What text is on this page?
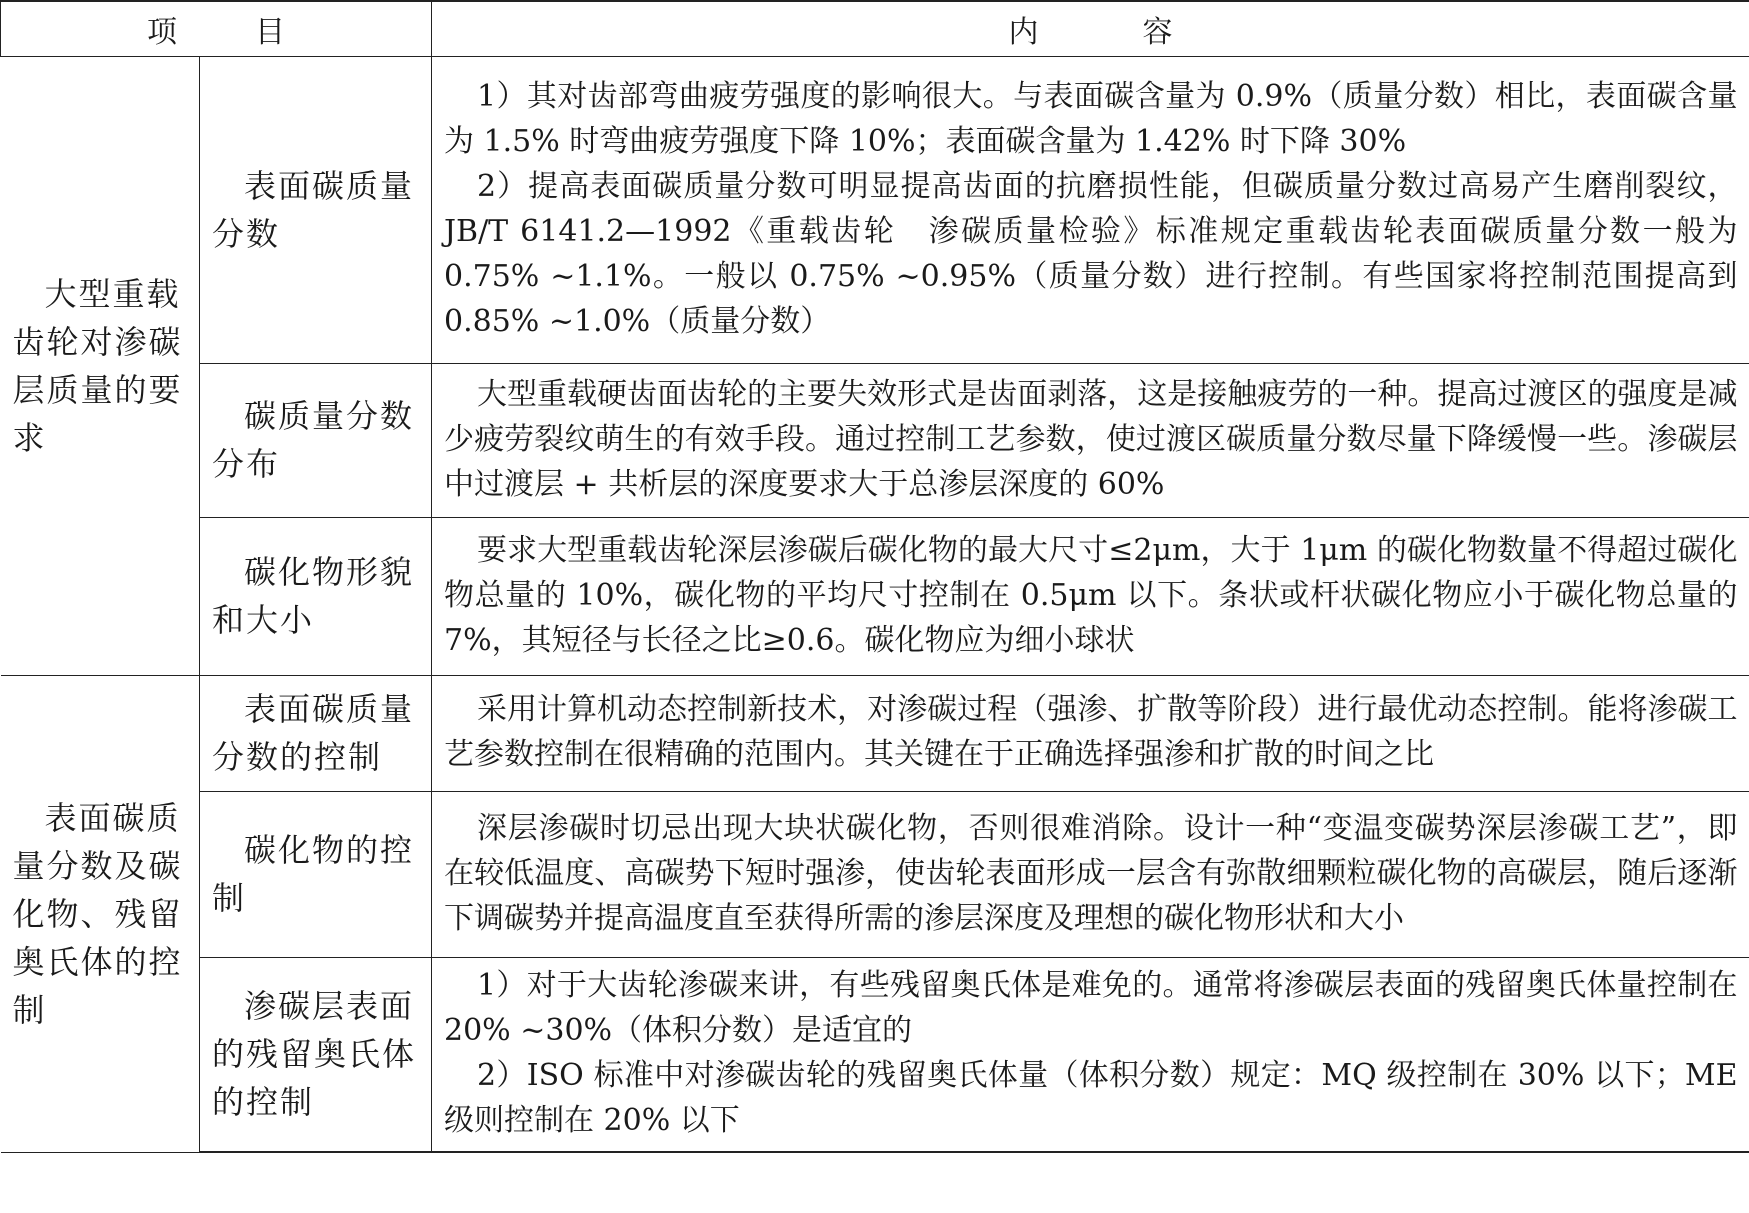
项 目		内 容
大型重载齿轮对渗碳层质量的要求	表面碳质量分数	1）其对齿部弯曲疲劳强度的影响很大。与表面碳含量为 0.9%（质量分数）相比，表面碳含量为 1.5% 时弯曲疲劳强度下降 10%；表面碳含量为 1.42% 时下降 30%
2）提高表面碳质量分数可明显提高齿面的抗磨损性能，但碳质量分数过高易产生磨削裂纹，JB/T 6141.2—1992《重载齿轮　渗碳质量检验》标准规定重载齿轮表面碳质量分数一般为 0.75% ~1.1%。一般以 0.75% ~0.95%（质量分数）进行控制。有些国家将控制范围提高到 0.85% ~1.0%（质量分数）

	碳质量分数分布	大型重载硬齿面齿轮的主要失效形式是齿面剥落，这是接触疲劳的一种。提高过渡区的强度是减少疲劳裂纹萌生的有效手段。通过控制工艺参数，使过渡区碳质量分数尽量下降缓慢一些。渗碳层中过渡层 + 共析层的深度要求大于总渗层深度的 60%

	碳化物形貌和大小	要求大型重载齿轮深层渗碳后碳化物的最大尺寸≤2μm，大于 1μm 的碳化物数量不得超过碳化物总量的 10%，碳化物的平均尺寸控制在 0.5μm 以下。条状或杆状碳化物应小于碳化物总量的 7%，其短径与长径之比≥0.6。碳化物应为细小球状

表面碳质量分数及碳化物、残留奥氏体的控制	表面碳质量分数的控制	采用计算机动态控制新技术，对渗碳过程（强渗、扩散等阶段）进行最优动态控制。能将渗碳工艺参数控制在很精确的范围内。其关键在于正确选择强渗和扩散的时间之比

	碳化物的控制	深层渗碳时切忌出现大块状碳化物，否则很难消除。设计一种“变温变碳势深层渗碳工艺”，即在较低温度、高碳势下短时强渗，使齿轮表面形成一层含有弥散细颗粒碳化物的高碳层，随后逐渐下调碳势并提高温度直至获得所需的渗层深度及理想的碳化物形状和大小

	渗碳层表面的残留奥氏体的控制	1）对于大齿轮渗碳来讲，有些残留奥氏体是难免的。通常将渗碳层表面的残留奥氏体量控制在 20% ~30%（体积分数）是适宜的
2）ISO 标准中对渗碳齿轮的残留奥氏体量（体积分数）规定：MQ 级控制在 30% 以下；ME 级则控制在 20% 以下
